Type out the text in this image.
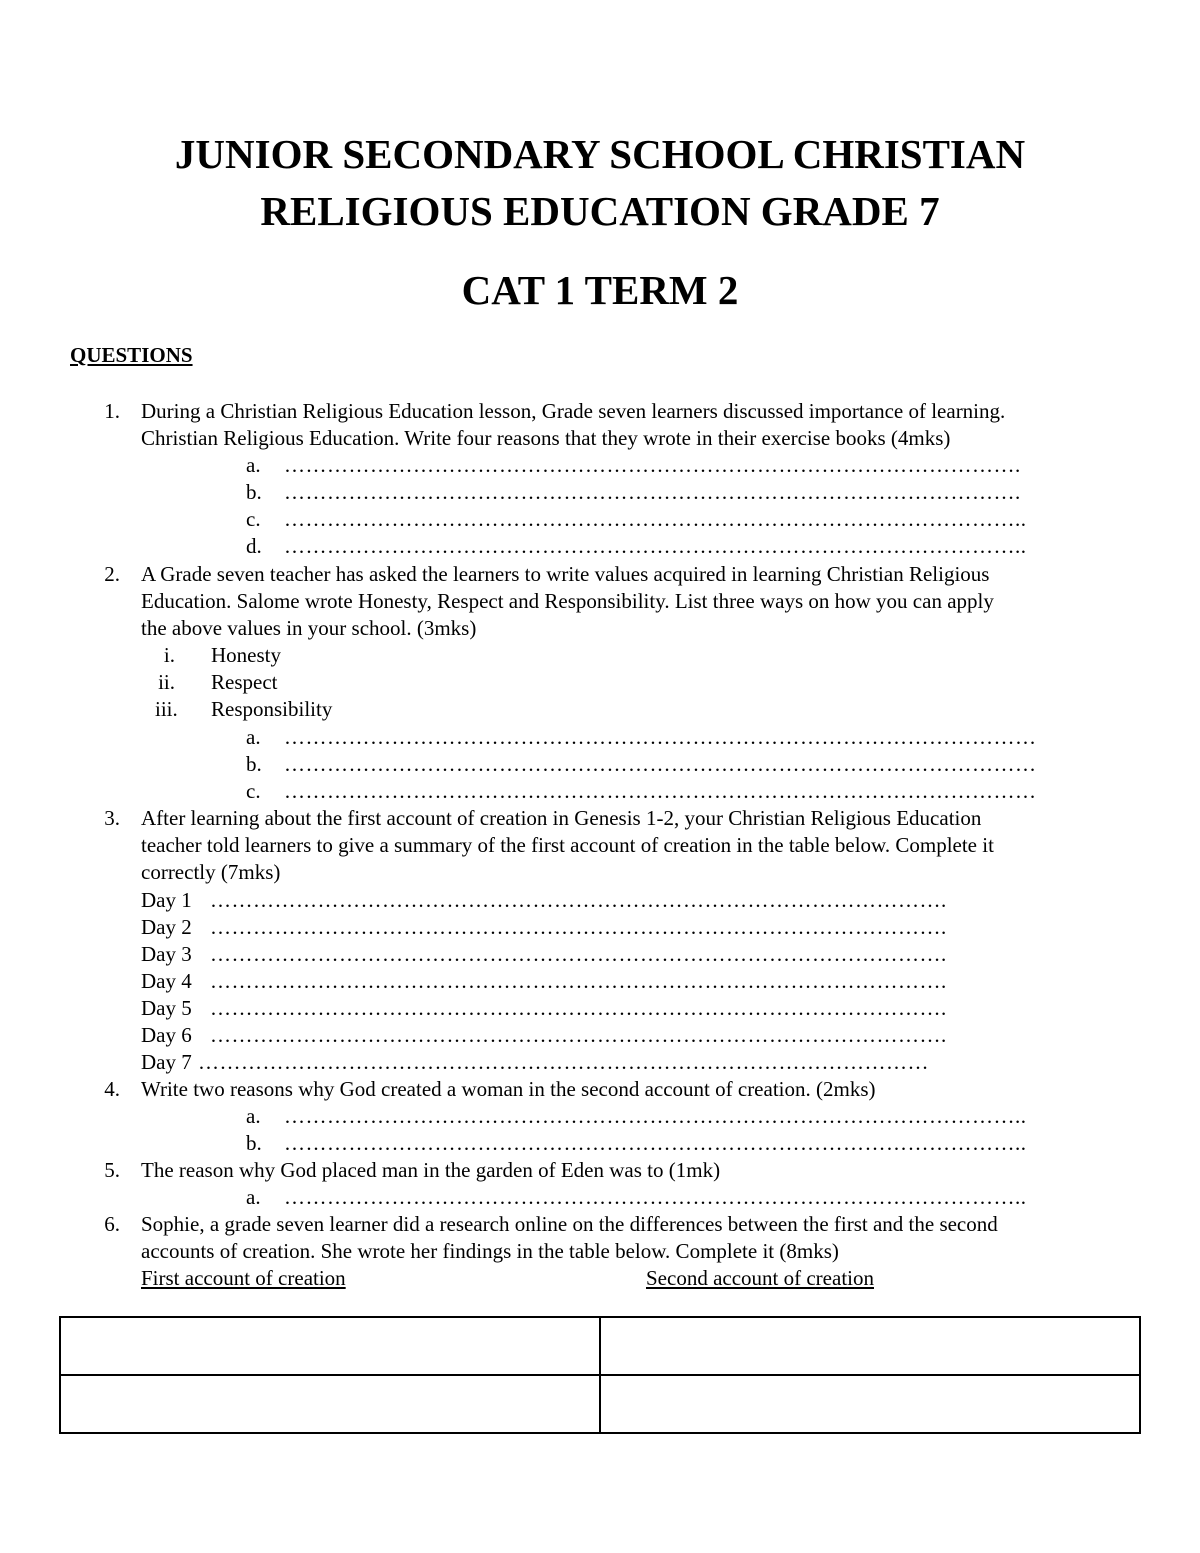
JUNIOR SECONDARY SCHOOL CHRISTIAN
RELIGIOUS EDUCATION GRADE 7
CAT 1 TERM 2
QUESTIONS
1. During a Christian Religious Education lesson, Grade seven learners discussed importance of learning.
Christian Religious Education. Write four reasons that they wrote in their exercise books (4mks)
a. ………………………………………………………………………………………….
b. ………………………………………………………………………………………….
c. …………………………………………………………………………………………..
d. …………………………………………………………………………………………..
2. A Grade seven teacher has asked the learners to write values acquired in learning Christian Religious
Education. Salome wrote Honesty, Respect and Responsibility. List three ways on how you can apply
the above values in your school. (3mks)
i. Honesty
ii. Respect
iii. Responsibility
a. ……………………………………………………………………………………………
b. ……………………………………………………………………………………………
c. ……………………………………………………………………………………………
3. After learning about the first account of creation in Genesis 1-2, your Christian Religious Education
teacher told learners to give a summary of the first account of creation in the table below. Complete it
correctly (7mks)
Day 1 ………………………………………………………………………………………….
Day 2 ………………………………………………………………………………………….
Day 3 ………………………………………………………………………………………….
Day 4 ………………………………………………………………………………………….
Day 5 ………………………………………………………………………………………….
Day 6 ………………………………………………………………………………………….
Day 7 …………………………………………………………………………………………
4. Write two reasons why God created a woman in the second account of creation. (2mks)
a. …………………………………………………………………………………………..
b. …………………………………………………………………………………………..
5. The reason why God placed man in the garden of Eden was to (1mk)
a. …………………………………………………………………………………………..
6. Sophie, a grade seven learner did a research online on the differences between the first and the second
accounts of creation. She wrote her findings in the table below. Complete it (8mks)
First account of creation	Second account of creation
